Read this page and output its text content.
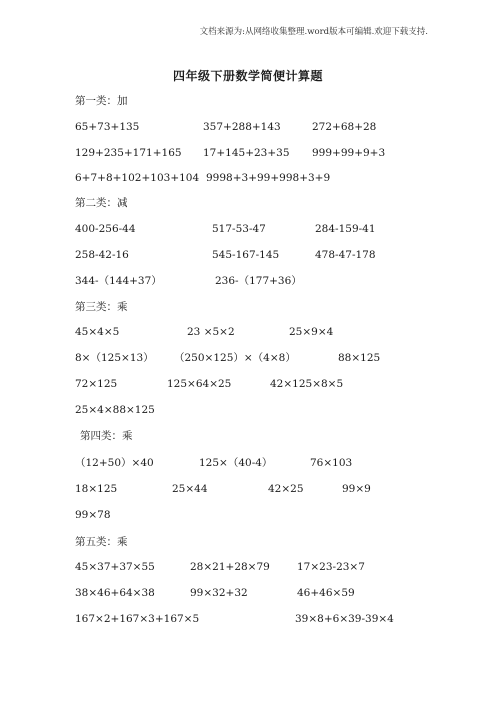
文档来源为:从网络收集整理.word版本可编辑.欢迎下载支持.
四年级下册数学简便计算题
第一类：加
65+73+135	357+288+143	272+68+28
129+235+171+165 17+145+23+35 999+99+9+3
6+7+8+102+103+104 9998+3+99+998+3+9
第二类：减
400-256-44	517-53-47	284-159-41
258-42-16	545-167-145	478-47-178
344-（144+37）	236-（177+36）
第三类：乘
45×4×5	23 ×5×2	25×9×4
8×（125×13） （250×125）×（4×8）	88×125
72×125	125×64×25	42×125×8×5
25×4×88×125
第四类：乘
（12+50）×40	125×（40-4）	76×103
18×125	25×44	42×25	99×9
99×78
第五类：乘
45×37+37×55	28×21+28×79	17×23-23×7
38×46+64×38	99×32+32	46+46×59
167×2+167×3+167×5	39×8+6×39-39×4
